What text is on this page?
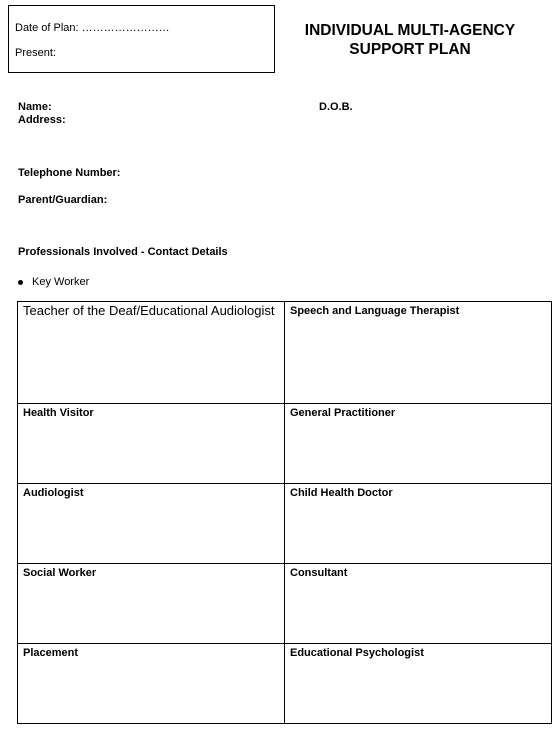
Date of Plan: ……………………
Present:
INDIVIDUAL MULTI-AGENCY
SUPPORT PLAN
Name:	D.O.B.
Address:
Telephone Number:
Parent/Guardian:
Professionals Involved - Contact Details
Key Worker
Teacher of the Deaf/Educational Audiologist	Speech and Language Therapist
Health Visitor	General Practitioner
Audiologist	Child Health Doctor
Social Worker	Consultant
Placement	Educational Psychologist
